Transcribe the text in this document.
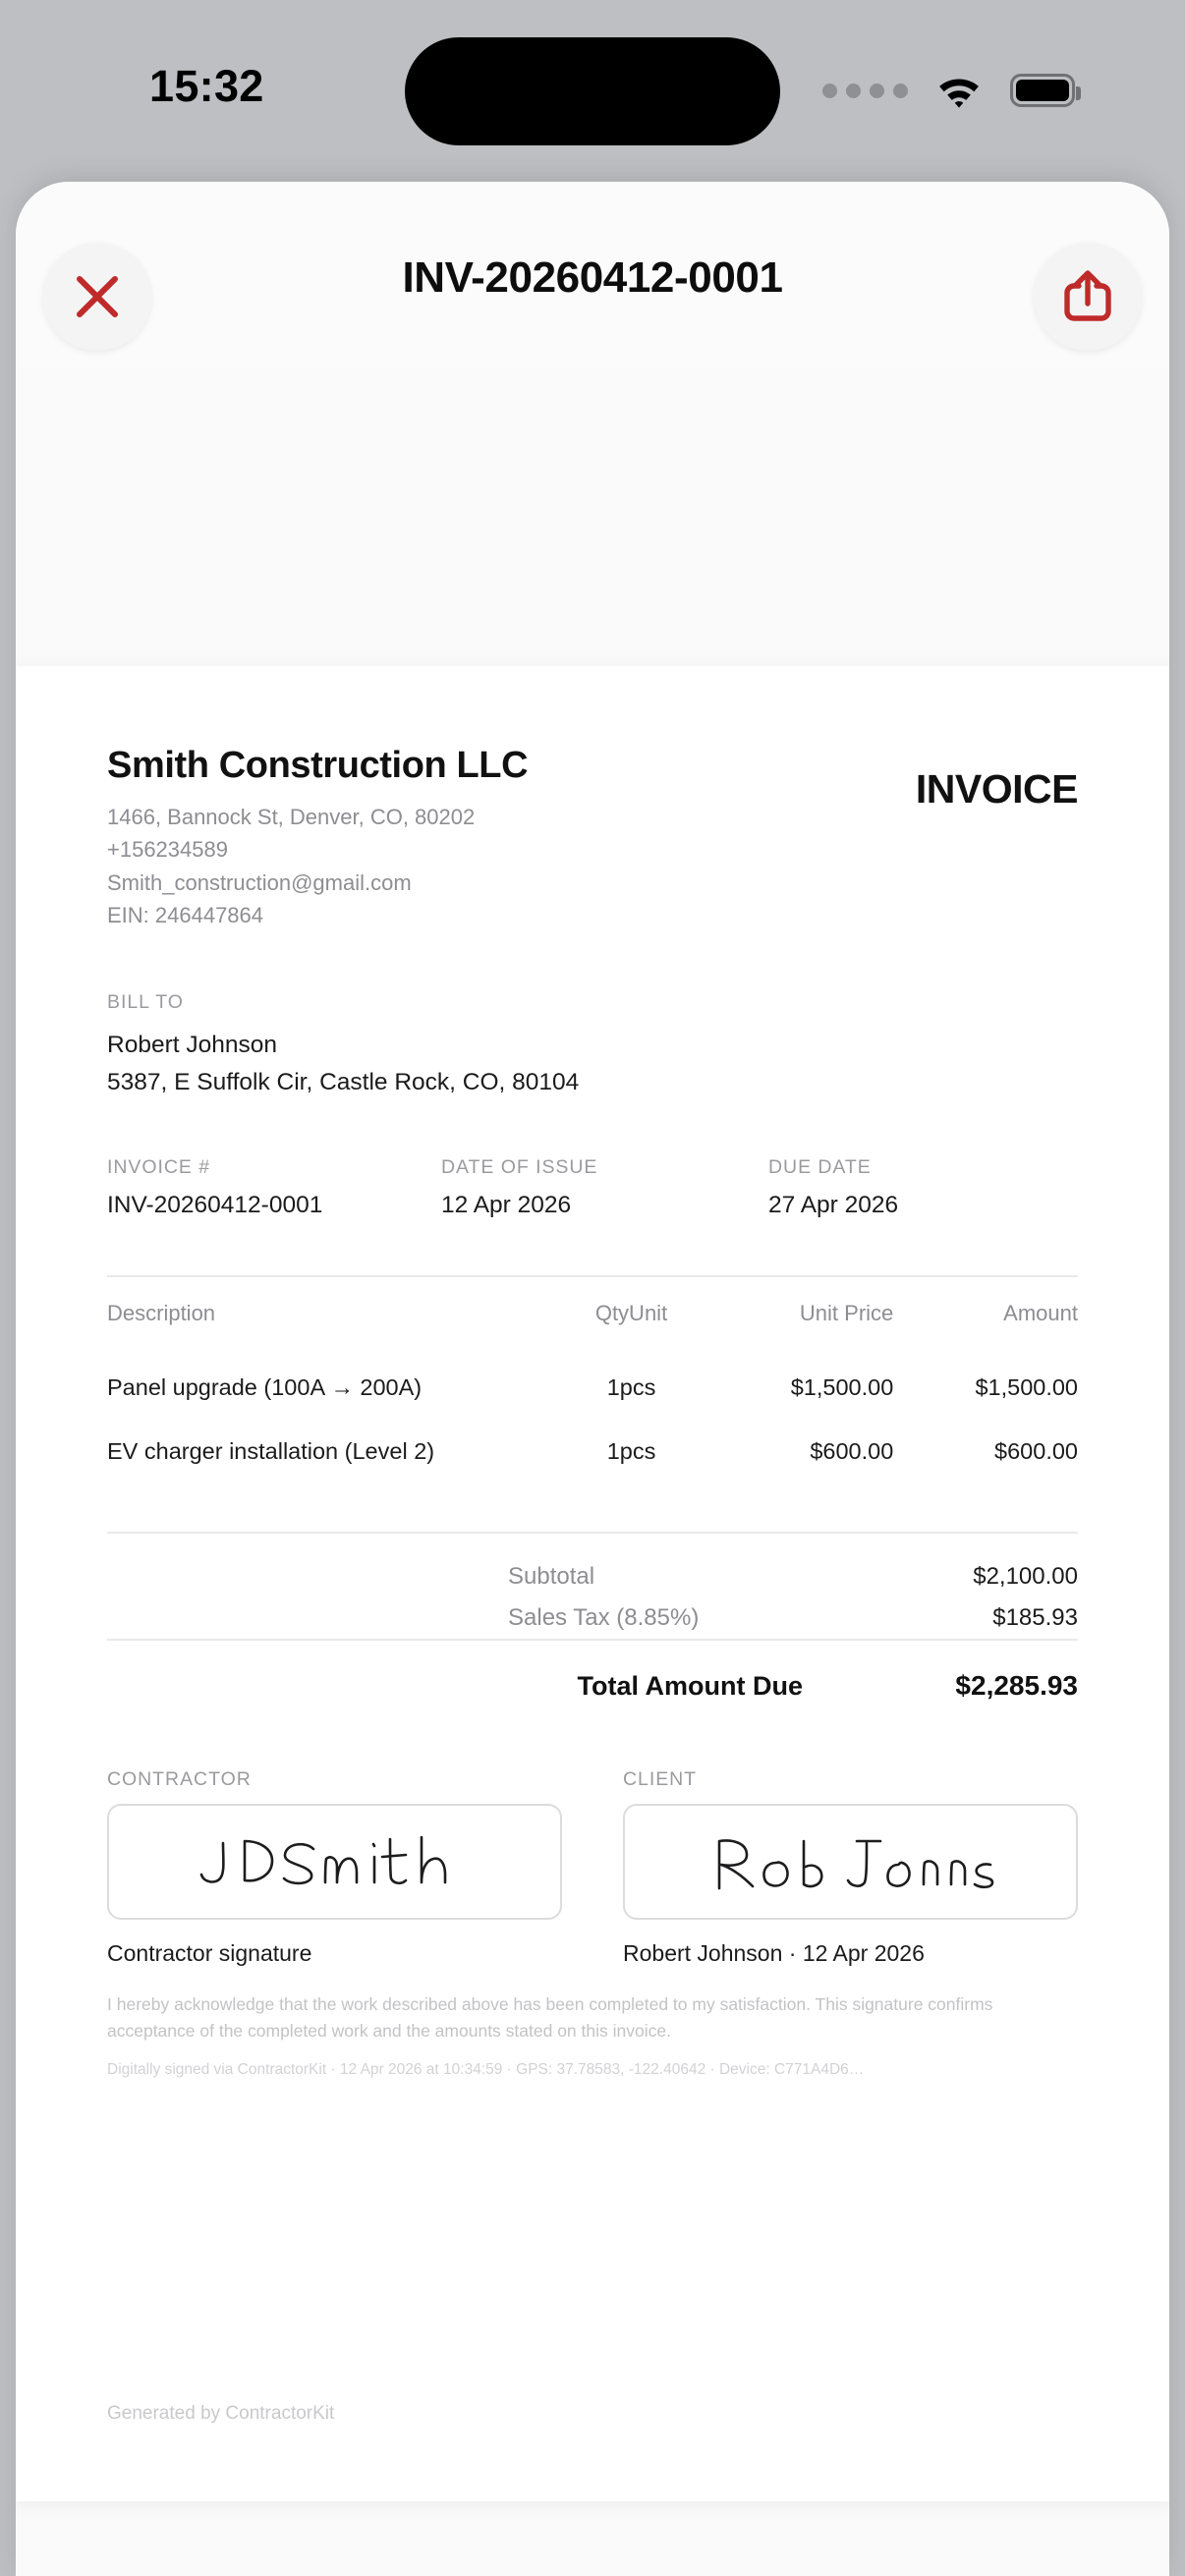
15:32
INV-20260412-0001
Smith Construction LLC
1466, Bannock St, Denver, CO, 80202
+156234589
Smith_construction@gmail.com
EIN: 246447864
INVOICE
BILL TO
Robert Johnson
5387, E Suffolk Cir, Castle Rock, CO, 80104
INVOICE #
INV-20260412-0001
DATE OF ISSUE
12 Apr 2026
DUE DATE
27 Apr 2026
Description	QtyUnit	Unit Price	Amount
Panel upgrade (100A → 200A)	1pcs	$1,500.00	$1,500.00
EV charger installation (Level 2)	1pcs	$600.00	$600.00
Subtotal	$2,100.00
Sales Tax (8.85%)	$185.93
Total Amount Due	$2,285.93
CONTRACTOR
Contractor signature
CLIENT
Robert Johnson · 12 Apr 2026
I hereby acknowledge that the work described above has been completed to my satisfaction. This signature confirms acceptance of the completed work and the amounts stated on this invoice.
Digitally signed via ContractorKit · 12 Apr 2026 at 10:34:59 · GPS: 37.78583, -122.40642 · Device: C771A4D6…
Generated by ContractorKit
